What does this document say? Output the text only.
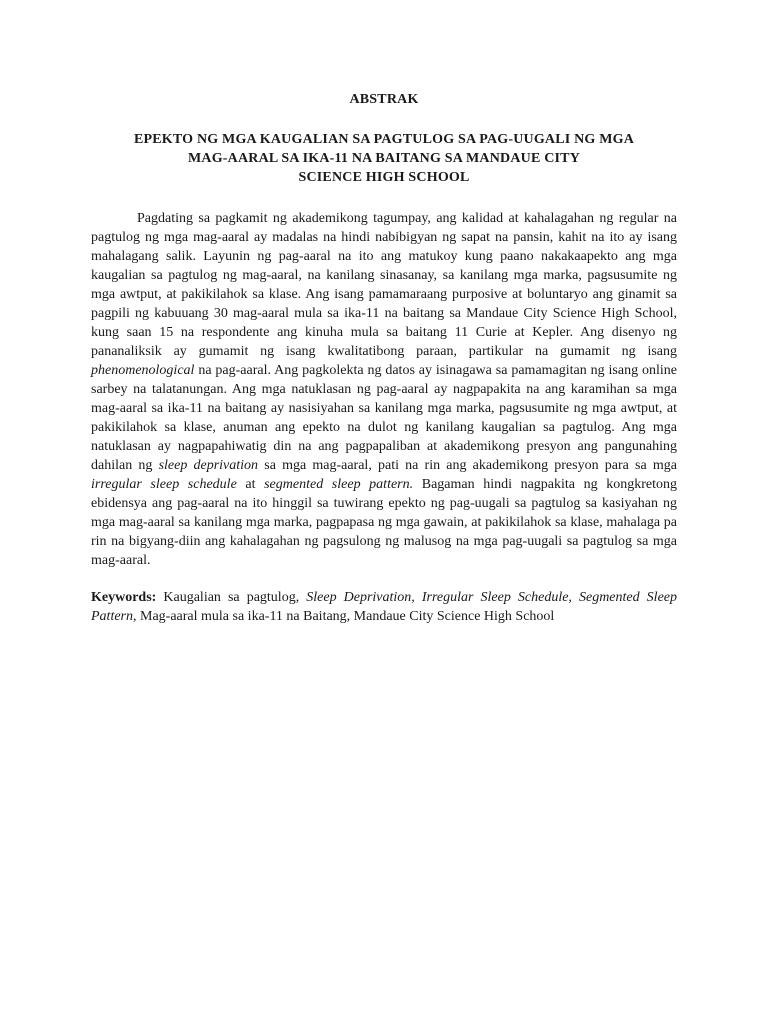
ABSTRAK

EPEKTO NG MGA KAUGALIAN SA PAGTULOG SA PAG-UUGALI NG MGA
MAG-AARAL SA IKA-11 NA BAITANG SA MANDAUE CITY
SCIENCE HIGH SCHOOL

Pagdating sa pagkamit ng akademikong tagumpay, ang kalidad at kahalagahan ng regular na pagtulog ng mga mag-aaral ay madalas na hindi nabibigyan ng sapat na pansin, kahit na ito ay isang mahalagang salik. Layunin ng pag-aaral na ito ang matukoy kung paano nakakaapekto ang mga kaugalian sa pagtulog ng mag-aaral, na kanilang sinasanay, sa kanilang mga marka, pagsusumite ng mga awtput, at pakikilahok sa klase. Ang isang pamamaraang purposive at boluntaryo ang ginamit sa pagpili ng kabuuang 30 mag-aaral mula sa ika-11 na baitang sa Mandaue City Science High School, kung saan 15 na respondente ang kinuha mula sa baitang 11 Curie at Kepler. Ang disenyo ng pananaliksik ay gumamit ng isang kwalitatibong paraan, partikular na gumamit ng isang phenomenological na pag-aaral. Ang pagkolekta ng datos ay isinagawa sa pamamagitan ng isang online sarbey na talatanungan. Ang mga natuklasan ng pag-aaral ay nagpapakita na ang karamihan sa mga mag-aaral sa ika-11 na baitang ay nasisiyahan sa kanilang mga marka, pagsusumite ng mga awtput, at pakikilahok sa klase, anuman ang epekto na dulot ng kanilang kaugalian sa pagtulog. Ang mga natuklasan ay nagpapahiwatig din na ang pagpapaliban at akademikong presyon ang pangunahing dahilan ng sleep deprivation sa mga mag-aaral, pati na rin ang akademikong presyon para sa mga irregular sleep schedule at segmented sleep pattern. Bagaman hindi nagpakita ng kongkretong ebidensya ang pag-aaral na ito hinggil sa tuwirang epekto ng pag-uugali sa pagtulog sa kasiyahan ng mga mag-aaral sa kanilang mga marka, pagpapasa ng mga gawain, at pakikilahok sa klase, mahalaga pa rin na bigyang-diin ang kahalagahan ng pagsulong ng malusog na mga pag-uugali sa pagtulog sa mga mag-aaral.

Keywords: Kaugalian sa pagtulog, Sleep Deprivation, Irregular Sleep Schedule, Segmented Sleep Pattern, Mag-aaral mula sa ika-11 na Baitang, Mandaue City Science High School
